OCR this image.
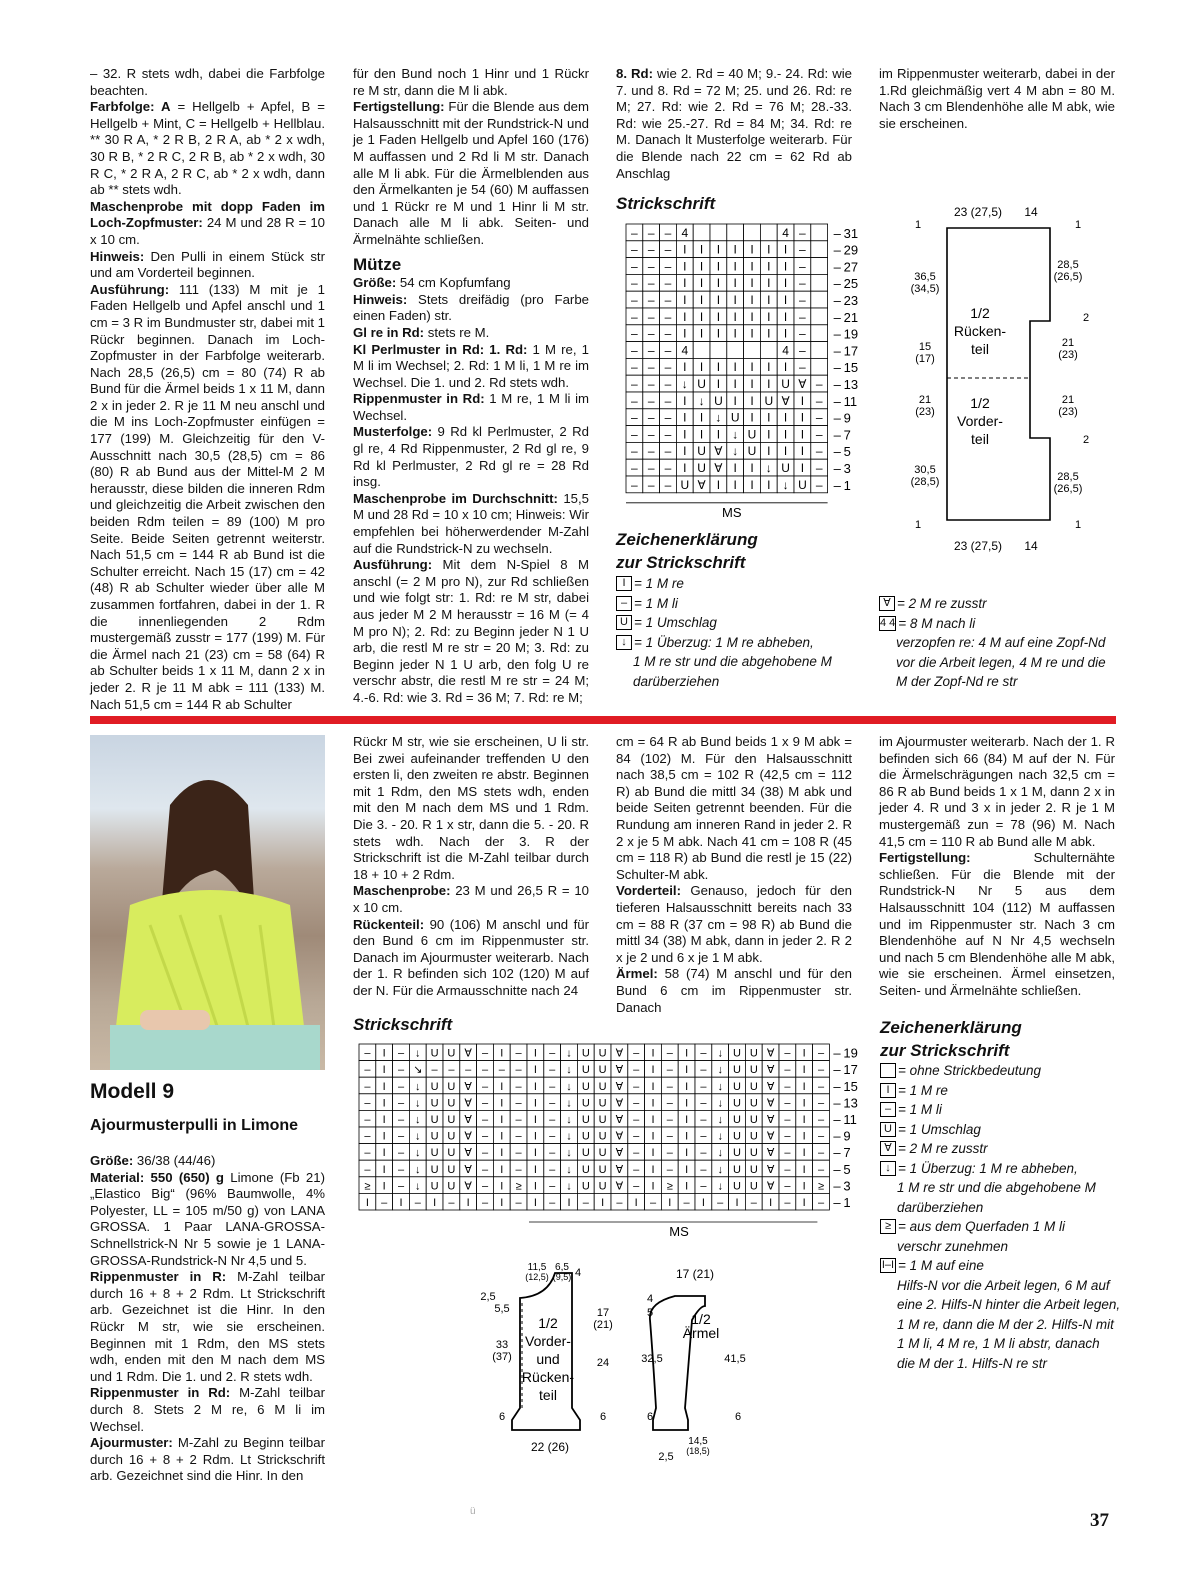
– 32. R stets wdh, dabei die Farbfolge beachten.

Farbfolge: A = Hellgelb + Apfel, B = Hellgelb + Mint, C = Hellgelb + Hellblau. ** 30 R A, * 2 R B, 2 R A, ab * 2 x wdh, 30 R B, * 2 R C, 2 R B, ab * 2 x wdh, 30 R C, * 2 R A, 2 R C, ab * 2 x wdh, dann ab ** stets wdh.

Maschenprobe mit dopp Faden im Loch-Zopfmuster: 24 M und 28 R = 10 x 10 cm.

Hinweis: Den Pulli in einem Stück str und am Vorderteil beginnen.

Ausführung: 111 (133) M mit je 1 Faden Hellgelb und Apfel anschl und 1 cm = 3 R im Bundmuster str, dabei mit 1 Rückr beginnen. Danach im Loch-Zopfmuster in der Farbfolge weiterarb. Nach 28,5 (26,5) cm = 80 (74) R ab Bund für die Ärmel beids 1 x 11 M, dann 2 x in jeder 2. R je 11 M neu anschl und die M ins Loch-Zopfmuster einfügen = 177 (199) M. Gleichzeitig für den V-Ausschnitt nach 30,5 (28,5) cm = 86 (80) R ab Bund aus der Mittel-M 2 M herausstr, diese bilden die inneren Rdm und gleichzeitig die Arbeit zwischen den beiden Rdm teilen = 89 (100) M pro Seite. Beide Seiten getrennt weiterstr. Nach 51,5 cm = 144 R ab Bund ist die Schulter erreicht. Nach 15 (17) cm = 42 (48) R ab Schulter wieder über alle M zusammen fortfahren, dabei in der 1. R die innenliegenden 2 Rdm mustergemäß zusstr = 177 (199) M. Für die Ärmel nach 21 (23) cm = 58 (64) R ab Schulter beids 1 x 11 M, dann 2 x in jeder 2. R je 11 M abk = 111 (133) M. Nach 51,5 cm = 144 R ab Schulter

für den Bund noch 1 Hinr und 1 Rückr re M str, dann die M li abk.

Fertigstellung: Für die Blende aus dem Halsausschnitt mit der Rundstrick-N und je 1 Faden Hellgelb und Apfel 160 (176) M auffassen und 2 Rd li M str. Danach alle M li abk. Für die Ärmelblenden aus den Ärmelkanten je 54 (60) M auffassen und 1 Rückr re M und 1 Hinr li M str. Danach alle M li abk. Seiten- und Ärmelnähte schließen.

Mütze

Größe: 54 cm Kopfumfang

Hinweis: Stets dreifädig (pro Farbe einen Faden) str.

Gl re in Rd: stets re M.

Kl Perlmuster in Rd: 1. Rd: 1 M re, 1 M li im Wechsel; 2. Rd: 1 M li, 1 M re im Wechsel. Die 1. und 2. Rd stets wdh.

Rippenmuster in Rd: 1 M re, 1 M li im Wechsel.

Musterfolge: 9 Rd kl Perlmuster, 2 Rd gl re, 4 Rd Rippenmuster, 2 Rd gl re, 9 Rd kl Perlmuster, 2 Rd gl re = 28 Rd insg.

Maschenprobe im Durchschnitt: 15,5 M und 28 Rd = 10 x 10 cm; Hinweis: Wir empfehlen bei höherwerdender M-Zahl auf die Rundstrick-N zu wechseln.

Ausführung: Mit dem N-Spiel 8 M anschl (= 2 M pro N), zur Rd schließen und wie folgt str: 1. Rd: re M str, dabei aus jeder M 2 M herausstr = 16 M (= 4 M pro N); 2. Rd: zu Beginn jeder N 1 U arb, die restl M re str = 20 M; 3. Rd: zu Beginn jeder N 1 U arb, den folg U re verschr abstr, die restl M re str = 24 M; 4.-6. Rd: wie 3. Rd = 36 M; 7. Rd: re M;

8. Rd: wie 2. Rd = 40 M; 9.- 24. Rd: wie 7. und 8. Rd = 72 M; 25. und 26. Rd: re M; 27. Rd: wie 2. Rd = 76 M; 28.-33. Rd: wie 25.-27. Rd = 84 M; 34. Rd: re M. Danach lt Musterfolge weiterarb. Für die Blende nach 22 cm = 62 Rd ab Anschlag

im Rippenmuster weiterarb, dabei in der 1.Rd gleichmäßig vert 4 M abn = 80 M. Nach 3 cm Blendenhöhe alle M abk, wie sie erscheinen.

Strickschrift
– – – 4	4 – – 31
– – – I I I I I I I – – 29
– – – I I I I I I I – – 27
– – – I I I I I I I – – 25
– – – I I I I I I I – – 23
– – – I I I I I I I – – 21
– – – I I I I I I I – – 19
– – – 4	4 – – 17
– – – I I I I I I I – – 15
– – – ↓ U I I I I U ∀ – – 13
– – – I ↓ U I I U ∀ I – – 11
– – – I I ↓ U I I I I – – 9
– – – I I I ↓ U I I I – – 7
– – – I U ∀ ↓ U I I I – – 5
– – – I U ∀ I I ↓ U I – – 3
– – – U ∀ I I I I ↓ U – – 1
MS
Zeichenerklärung
zur Strickschrift
I = 1 M re
– = 1 M li
U = 1 Umschlag
↓ = 1 Überzug: 1 M re abheben,
1 M re str und die abgehobene M
darüberziehen
∀ = 2 M re zusstr
4 4 = 8 M nach li
verzopfen re: 4 M auf eine Zopf-Nd
vor die Arbeit legen, 4 M re und die
M der Zopf-Nd re str
23 (27,5) 14
23 (27,5) 14
36,5
(34,5)
15
(17)
21
(23)
30,5
(28,5)
28,5
(26,5)
21
(23)
21
(23)
28,5
(26,5)
1/2
Rücken-
teil
1/2
Vorder-
teil
1	1
2
2
1	1
Modell 9
Ajourmusterpulli in Limone

Größe: 36/38 (44/46)

Material: 550 (650) g Limone (Fb 21) „Elastico Big“ (96% Baumwolle, 4% Polyester, LL = 105 m/50 g) von LANA GROSSA. 1 Paar LANA-GROSSA-Schnellstrick-N Nr 5 sowie je 1 LANA-GROSSA-Rundstrick-N Nr 4,5 und 5.

Rippenmuster in R: M-Zahl teilbar durch 16 + 8 + 2 Rdm. Lt Strickschrift arb. Gezeichnet ist die Hinr. In den Rückr M str, wie sie erscheinen. Beginnen mit 1 Rdm, den MS stets wdh, enden mit den M nach dem MS und 1 Rdm. Die 1. und 2. R stets wdh.

Rippenmuster in Rd: M-Zahl teilbar durch 8. Stets 2 M re, 6 M li im Wechsel.

Ajourmuster: M-Zahl zu Beginn teilbar durch 16 + 8 + 2 Rdm. Lt Strickschrift arb. Gezeichnet sind die Hinr. In den

Rückr M str, wie sie erscheinen, U li str. Bei zwei aufeinander treffenden U den ersten li, den zweiten re abstr. Beginnen mit 1 Rdm, den MS stets wdh, enden mit den M nach dem MS und 1 Rdm. Die 3. - 20. R 1 x str, dann die 5. - 20. R stets wdh. Nach der 3. R der Strickschrift ist die M-Zahl teilbar durch 18 + 10 + 2 Rdm.

Maschenprobe: 23 M und 26,5 R = 10 x 10 cm.

Rückenteil: 90 (106) M anschl und für den Bund 6 cm im Rippenmuster str. Danach im Ajourmuster weiterarb. Nach der 1. R befinden sich 102 (120) M auf der N. Für die Armausschnitte nach 24

cm = 64 R ab Bund beids 1 x 9 M abk = 84 (102) M. Für den Halsausschnitt nach 38,5 cm = 102 R (42,5 cm = 112 R) ab Bund die mittl 34 (38) M abk und beide Seiten getrennt beenden. Für die Rundung am inneren Rand in jeder 2. R 2 x je 5 M abk. Nach 41 cm = 108 R (45 cm = 118 R) ab Bund die restl je 15 (22) Schulter-M abk.

Vorderteil: Genauso, jedoch für den tieferen Halsausschnitt bereits nach 33 cm = 88 R (37 cm = 98 R) ab Bund die mittl 34 (38) M abk, dann in jeder 2. R 2 x je 2 und 6 x je 1 M abk.

Ärmel: 58 (74) M anschl und für den Bund 6 cm im Rippenmuster str. Danach

im Ajourmuster weiterarb. Nach der 1. R befinden sich 66 (84) M auf der N. Für die Ärmelschrägungen nach 32,5 cm = 86 R ab Bund beids 1 x 1 M, dann 2 x in jeder 4. R und 3 x in jeder 2. R je 1 M mustergemäß zun = 78 (96) M. Nach 41,5 cm = 110 R ab Bund alle M abk.

Fertigstellung: Schulternähte schließen. Für die Blende mit der Rundstrick-N Nr 5 aus dem Halsausschnitt 104 (112) M auffassen und im Rippenmuster str. Nach 3 cm Blendenhöhe auf N Nr 4,5 wechseln und nach 5 cm Blendenhöhe alle M abk, wie sie erscheinen. Ärmel einsetzen, Seiten- und Ärmelnähte schließen.

Strickschrift
– I – ↓ U U ∀ – I – I – ↓ U U ∀ – I – I – ↓ U U ∀ – I – – 19
– I – ↘ – – – – – – I – ↓ U U ∀ – I – I – ↓ U U ∀ – I – – 17
– I – ↓ U U ∀ – I – I – ↓ U U ∀ – I – I – ↓ U U ∀ – I – – 15
– I – ↓ U U ∀ – I – I – ↓ U U ∀ – I – I – ↓ U U ∀ – I – – 13
– I – ↓ U U ∀ – I – I – ↓ U U ∀ – I – I – ↓ U U ∀ – I – – 11
– I – ↓ U U ∀ – I – I – ↓ U U ∀ – I – I – ↓ U U ∀ – I – – 9
– I – ↓ U U ∀ – I – I – ↓ U U ∀ – I – I – ↓ U U ∀ – I – – 7
– I – ↓ U U ∀ – I – I – ↓ U U ∀ – I – I – ↓ U U ∀ – I – – 5
≥ I – ↓ U U ∀ – I ≥ I – ↓ U U ∀ – I ≥ I – ↓ U U ∀ – I ≥ – 3
I – I – I – I – I – I – I – I – I – I – I – I – I – I – – 1
MS
Zeichenerklärung
zur Strickschrift
= ohne Strickbedeutung
I = 1 M re
– = 1 M li
U = 1 Umschlag
∀ = 2 M re zusstr
↓ = 1 Überzug: 1 M re abheben,
1 M re str und die abgehobene M
darüberziehen
≥ = aus dem Querfaden 1 M li
verschr zunehmen
I–I = 1 M auf eine
Hilfs-N vor die Arbeit legen, 6 M auf
eine 2. Hilfs-N hinter die Arbeit legen,
1 M re, dann die M der 2. Hilfs-N mit
1 M li, 4 M re, 1 M li abstr, danach
die M der 1. Hilfs-N re str
11,5
(12,5)
6,5
(9,5) 4
2,5
5,5
33
(37)
6
17
(21)
24
6
22 (26)
1/2
Vorder-
und
Rücken-
teil
17 (21)
4
5
32,5
6
41,5
6
1/2
Ärmel
14,5
(18,5)
2,5
ü	37
